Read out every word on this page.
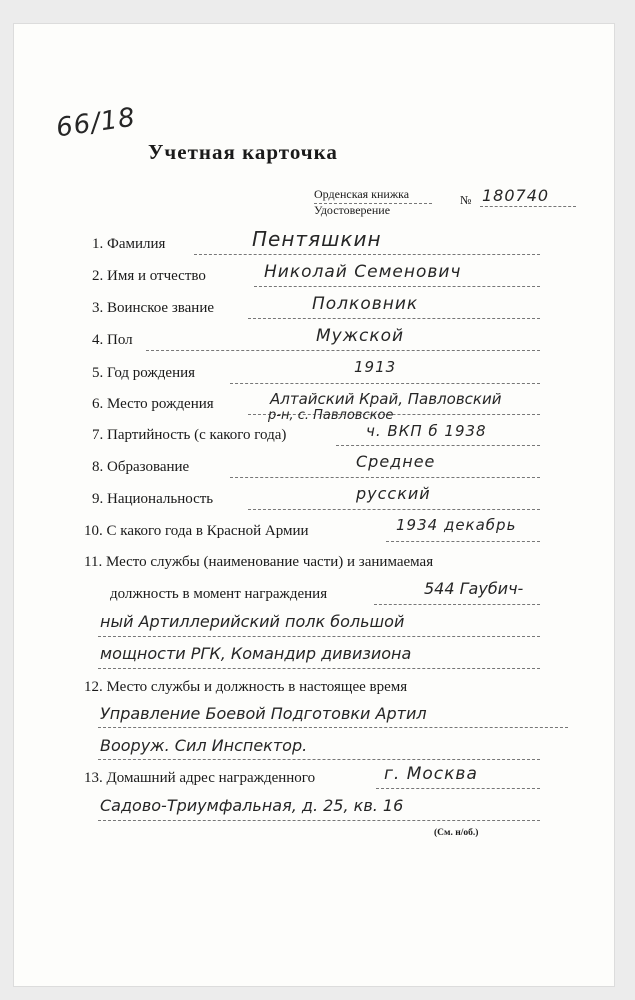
66/18
Учетная карточка
Орденская книжка
Удостоверение
№ 180740
1. Фамилия	Пентяшкин
2. Имя и отчество	Николай Семенович
3. Воинское звание	Полковник
4. Пол	Мужской
5. Год рождения	1913
6. Место рождения	Алтайский Край, Павловский
р-н, с. Павловское
7. Партийность (с какого года)	ч. ВКП б 1938
8. Образование	Среднее
9. Национальность	русский
10. С какого года в Красной Армии	1934 декабрь
11. Место службы (наименование части) и занимаемая
должность в момент награждения	544 Гаубич-
ный Артиллерийский полк большой
мощности РГК, Командир дивизиона
12. Место службы и должность в настоящее время
Управление Боевой Подготовки Артил
Вооруж. Сил Инспектор.
13. Домашний адрес награжденного	г. Москва
Садово-Триумфальная, д. 25, кв. 16
(См. н/об.)
